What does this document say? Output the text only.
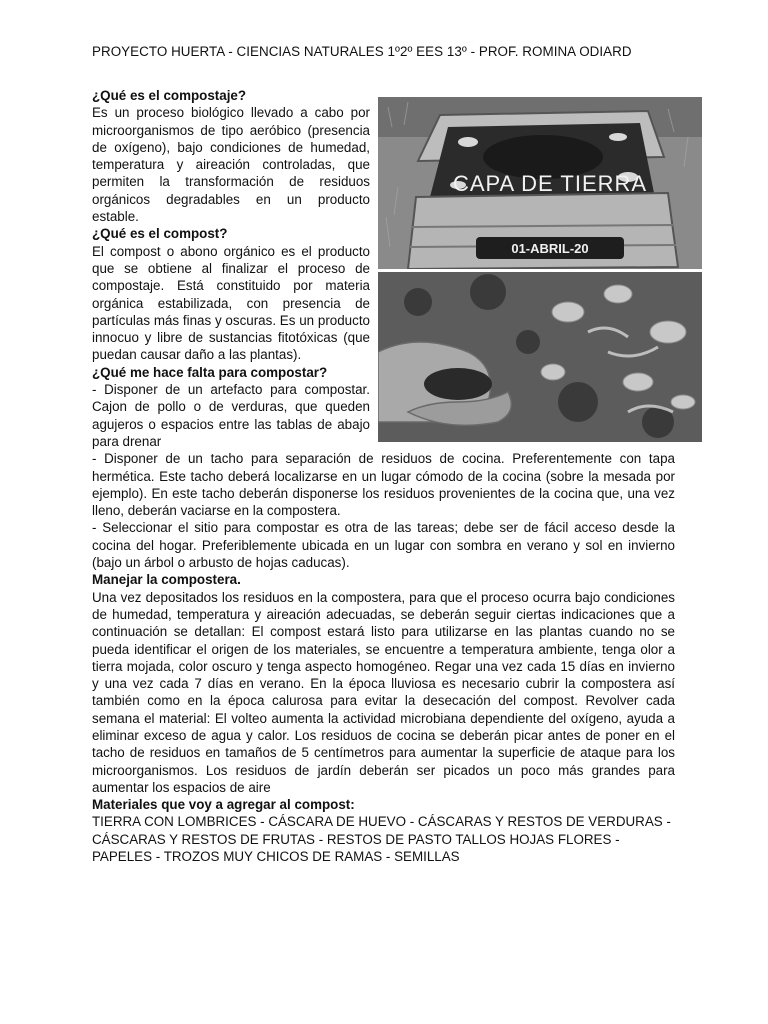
PROYECTO HUERTA - CIENCIAS NATURALES 1º2º EES 13º - PROF. ROMINA ODIARD
01-ABRIL-20
CAPA DE TIERRA
¿Qué es el compostaje?

Es un proceso biológico llevado a cabo por microorganismos de tipo aeróbico (presencia de oxígeno), bajo condiciones de humedad, temperatura y aireación controladas, que permiten la transformación de residuos orgánicos degradables en un producto estable.

¿Qué es el compost?

El compost o abono orgánico es el producto que se obtiene al finalizar el proceso de compostaje. Está constituido por materia orgánica estabilizada, con presencia de partículas más finas y oscuras. Es un producto innocuo y libre de sustancias fitotóxicas (que puedan causar daño a las plantas).

¿Qué me hace falta para compostar?

- Disponer de un artefacto para compostar. Cajon de pollo o de verduras, que queden agujeros o espacios entre las tablas de abajo para drenar

- Disponer de un tacho para separación de residuos de cocina. Preferentemente con tapa hermética. Este tacho deberá localizarse en un lugar cómodo de la cocina (sobre la mesada por ejemplo). En este tacho deberán disponerse los residuos provenientes de la cocina que, una vez lleno, deberán vaciarse en la compostera.

- Seleccionar el sitio para compostar es otra de las tareas; debe ser de fácil acceso desde la cocina del hogar. Preferiblemente ubicada en un lugar con sombra en verano y sol en invierno (bajo un árbol o arbusto de hojas caducas).

Manejar la compostera.

Una vez depositados los residuos en la compostera, para que el proceso ocurra bajo condiciones de humedad, temperatura y aireación adecuadas, se deberán seguir ciertas indicaciones que a continuación se detallan: El compost estará listo para utilizarse en las plantas cuando no se pueda identificar el origen de los materiales, se encuentre a temperatura ambiente, tenga olor a tierra mojada, color oscuro y tenga aspecto homogéneo. Regar una vez cada 15 días en invierno y una vez cada 7 días en verano. En la época lluviosa es necesario cubrir la compostera así también como en la época calurosa para evitar la desecación del compost. Revolver cada semana el material: El volteo aumenta la actividad microbiana dependiente del oxígeno, ayuda a eliminar exceso de agua y calor. Los residuos de cocina se deberán picar antes de poner en el tacho de residuos en tamaños de 5 centímetros para aumentar la superficie de ataque para los microorganismos. Los residuos de jardín deberán ser picados un poco más grandes para aumentar los espacios de aire

Materiales que voy a agregar al compost:

TIERRA CON LOMBRICES - CÁSCARA DE HUEVO - CÁSCARAS Y RESTOS DE VERDURAS - CÁSCARAS Y RESTOS DE FRUTAS - RESTOS DE PASTO TALLOS HOJAS FLORES - PAPELES - TROZOS MUY CHICOS DE RAMAS - SEMILLAS
